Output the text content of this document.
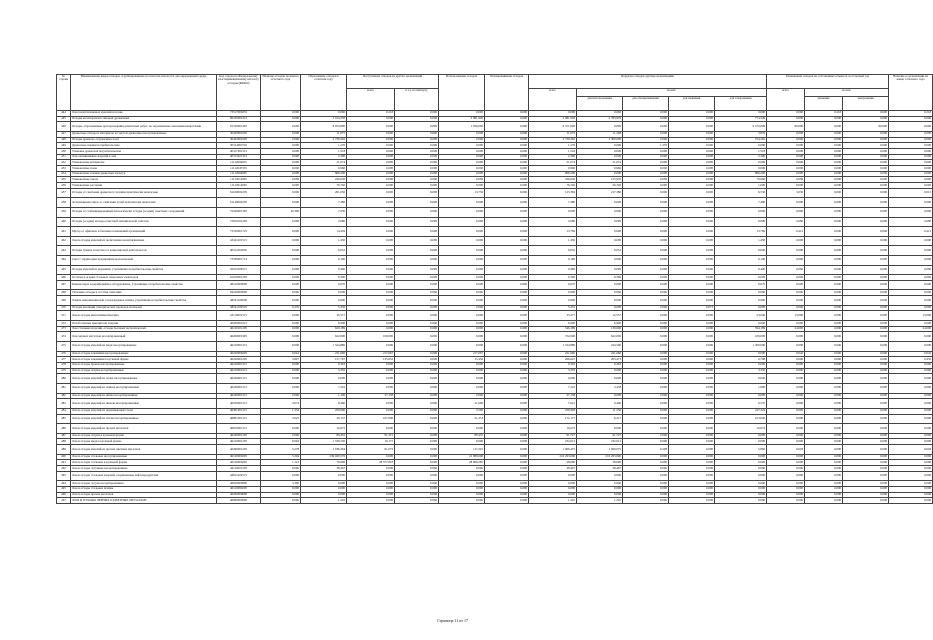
№ строки	Наименование видов отходов, сгруппированных по классам опасности для окружающей среды	Код отхода по Федеральному классификационному каталогу отходов (ФККО)	Наличие отходов на начало отчетного года	Образование отходов в отчетном году	Поступление отходов из других организаций		Использование отходов	Обезвреживание отходов	Передача отходов другим организациям					Размещение отходов на собственных объектах за отчетный год			Наличие в организации на конец отчетного года	
					всего	в т.ч. по импорту			всего	из них:				всего	из них:			
										для использования	для обезвреживания	для хранения	для захоронения		хранение	захоронение		
444	Лом полиэтиленовых изделий в шлаке	73517000255	0,000	0,060	0,218	0,000	0,000	0,000	0,000	0,060	0,000	0,000	0,000	0,060	0,218	0,000	0,218	
445	Отходы из материалов типовой дрожжевых	90230001215	0,000	2 164,258	0,000	0,000	2 081,920	0,000	2 081,920	2 783,976	0,000	0,000	774,549	0,000	0,000	0,000	0,000	
446	Отходы, образованные при проведении ремонтных работ, не загрязненные опасными веществами	81310001495	0,000	9 653,800	0,000	0,000	1 050,000	0,000	9 571,000	0,000	0,000	0,000	9 572,000	80,000	0,000	80,000	0,000	
447	Древесные отходы и материалы из чистой древесины несортированные	30420001005	0,000	11,075	0,000	0,000	0,000	0,000	11,075	11,208	0,000	0,000	3,876	0,000	0,000	0,000	0,000	
448	Отходы древесно-стружечных плит	30423002205	0,000	2 730,262	0,000	0,000	0,000	0,000	2 730,262	2 300,000	0,000	0,000	724,262	0,000	0,000	0,000	0,000	
449	Древесные пленки потребительские	30314002745	0,000	1,270	0,000	0,000	0,000	0,000	1,270	0,000	1,270	0,000	0,000	0,000	0,000	0,000	0,000	
450	Упаковка древесная потребительская	40317991515	0,000	1,518	0,000	0,000	0,000	0,000	1,518	0,000	0,000	0,000	1,518	0,000	0,000	0,000	0,000	
451	Лом алюминиевых изделий в лом	40313021315	0,000	2,300	0,000	0,000	0,000	0,000	2,300	0,000	0,000	0,000	2,300	0,000	0,000	0,000	0,000	
452	Упаковочные материалы	11112004955	0,000	21,074	0,000	0,000	0,000	0,000	21,074	21,074	0,000	0,000	0,000	0,000	0,000	0,000	0,000	
453	Упаковочные полы	11112047335	0,000	0,960	0,000	0,000	0,000	0,000	0,960	0,960	0,000	0,000	0,000	0,000	0,000	0,000	0,000	
454	Упаковочные пленки древесных культур	11112004695	0,000	806,290	0,000	0,000	0,000	0,000	806,290	0,000	0,000	0,000	806,290	0,000	0,000	0,000	0,000	
455	Упаковочные смеси	11112014695	0,000	226,630	0,000	0,000	0,000	0,000	226,630	155,970	0,000	0,000	70,660	0,000	0,000	0,000	0,000	
456	Упаковочные растения	11112914695	0,000	76,740	0,000	0,000	0,000	0,000	76,740	26,740	0,000	0,000	1,000	0,000	0,000	0,000	0,000	
457	Отходы от сжигания древесного топлива практически неопасные	61100002205	0,000	201,036	0,000	0,000	13,756	0,000	123,384	217,380	0,000	0,000	6,530	3,030	0,000	0,000	0,012	
458	Золошлаковая смесь от сжигания углей практически неопасная	61140002205	0,000	7,480	0,000	0,000	0,000	0,000	7,480	0,000	0,000	0,000	7,480	0,000	0,000	0,000	0,000	
459	Отходы от стабилизированный биологически отходы (осадки) очистных сооружений	72220001395	40,300	7,630	0,000	0,000	0,000	0,000	0,000	0,000	0,000	0,000	0,000	0,000	0,000	0,000	0,000	
460	Отходы (осадки) из водо-очистной механической очистки	73910101205	0,000	2,680	0,000	0,000	0,000	0,000	2,680	0,000	0,000	0,000	0,000	2,680	0,000	0,000	2,680	
461	Мусор от офисных и бытовых помещений организаций	73310001725	0,000	14,459	0,000	0,000	0,000	0,000	13,769	0,000	0,000	0,000	13,769	0,412	0,000	0,000	0,412	
462	Лом и отходы изделий из полиэтилена незагрязненные	43411201515	0,000	1,450	0,000	0,000	0,000	0,000	1,450	0,000	0,000	0,000	1,450	0,000	0,000	0,000	0,000	
463	Отходы бумаги и картона от канцелярской деятельности	40512202605	0,000	0,052	0,000	0,000	0,000	0,000	0,052	0,052	0,000	0,000	0,000	0,000	0,000	0,000	0,000	
464	Смет с территории предприятия малоопасный	73339001714	0,000	0,190	0,000	0,000	0,000	0,000	0,190	0,000	0,000	0,000	0,190	0,000	0,000	0,000	0,000	
465	Отходы изделий из керамики, утративших потребительские свойства	45911000515	0,000	0,460	0,000	0,000	0,000	0,000	0,460	0,000	0,000	0,000	0,400	0,060	0,000	0,000	0,060	
466	Остатки и огарки стальных сварочных электродов	91910001205	0,000	0,300	0,000	0,000	0,000	0,000	0,300	0,300	0,000	0,000	0,000	0,000	0,000	0,000	0,000	
467	Компьютеры и периферийное оборудование, утратившие потребительские свойства	48120000000	0,000	0,070	0,000	0,000	0,000	0,000	0,070	0,000	0,000	0,000	0,070	0,000	0,000	0,000	0,000	
468	Табачные отходы и остатки сжигания	94100000000	0,000	0,000	0,000	0,000	0,000	0,000	0,000	0,000	0,000	0,000	0,000	0,000	0,000	0,000	0,000	
469	Лампы накаливания или газоразрядные лампы, утратившие потребительские свойства	48241100000	0,000	0,600	0,000	0,000	0,000	0,000	0,600	0,000	0,000	0,000	0,600	0,000	0,000	0,000	0,000	
470	Отходы изоляции электрических проводов и кабелей	48241100525	0,270	5,436	0,000	0,000	0,000	0,000	5,431	0,000	0,000	0,073	0,000	0,000	0,000	0,000	0,000	
471	Лом и отходы шин пневматических	43110001515	0,000	35,577	0,000	0,000	0,000	0,000	35,577	12,557	0,000	0,000	23,040	15,000	0,000	0,000	15,000	
472	Отработанные накопители энергии	46200002215	0,000	6,900	0,000	0,000	0,000	0,000	6,900	6,900	0,000	0,000	0,000	0,000	0,000	0,000	0,000	
473	Лом стальных изделий, отходы бытовых металлических	46120101205	0,000	620,189	0,000	0,000	0,000	0,000	546,189	130,000	0,000	0,000	594,189	24,000	0,000	0,000	24,000	
474	Лом черных металлов несортированный	46200001995	0,000	622,000	100,000	0,000	0,000	0,000	722,000	622,000	0,000	0,000	100,000	0,000	0,000	0,000	0,000	
475	Лом и отходы изделий из меди несортированные	46210001215	0,000	1 524,880	0,000	0,000	0,000	0,000	1 524,880	224,590	0,000	0,000	1 300,090	0,000	0,000	0,000	0,000	
476	Лом и отходы алюминия несортированные	46220006205	0,042	221,660	217,667	0,000	217,667	0,000	221,660	221,660	0,000	0,000	0,000	0,042	0,000	0,000	0,042	
477	Лом и отходы алюминия в кусковой форме	46220001205	3,897	157,797	135,652	0,000	15,456	0,000	266,647	203,473	0,000	0,000	0,798	0,000	0,000	0,000	0,452	
478	Лом и отходы бронзы несортированные	46210001215	0,000	0,363	0,000	0,000	0,000	0,000	0,363	0,363	0,000	0,000	0,000	0,000	0,000	0,000	0,000	
479	Лом и отходы латуни несортированные	46210002215	0,000	3,335	0,000	0,000	0,000	0,000	3,335	0,000	0,000	0,000	3,335	0,000	0,000	0,000	0,000	
480	Лом и отходы изделий из олова несортированные	46220001215	0,000	0,000	0,000	0,000	0,000	0,000	0,000	0,000	0,000	0,000	0,000	0,000	0,000	0,000	0,000	
481	Лом и отходы изделий из свинца несортированные	46230001215	0,000	7,216	0,000	0,000	0,000	0,000	7,216	5,458	0,000	0,000	1,680	0,000	0,000	0,000	0,000	
482	Лом и отходы изделий из цинка несортированные	46240001215	0,000	1,100	27,138	0,000	0,000	0,000	27,138	0,000	0,000	0,000	0,000	0,000	0,000	0,000	0,000	
483	Лом и отходы изделий из никеля несортированные	46250001215	4,074	8,460	0,000	0,000	21,600	0,000	7,641	0,406	0,000	0,000	0,537	0,000	0,000	0,000	0,000	
484	Лом и отходы изделий из нержавеющей стали	46301001215	1,534	250,900	0,000	0,000	3,500	0,000	250,928	11,236	0,000	0,000	227,324	0,000	0,000	0,000	0,000	
485	Лом и отходы изделий из титана несортированные	46801001215	3,025	20,137	167,000	0,000	21,253	0,000	172,177	6,317	0,000	0,000	163,000	0,000	0,000	0,000	0,000	
486	Лом и отходы изделий из прочих металлов	46810001215	0,000	16,672	0,000	0,000	0,000	0,000	16,672	0,000	0,000	0,000	16,672	0,000	0,000	0,000	0,000	
487	Лом и отходы латуни в кусковой форме	46240001205	0,000	80,455	91,315	0,000	80,455	0,000	91,727	91,727	0,000	0,000	0,000	0,000	0,000	0,000	0,000	
488	Лом и отходы меди в кусковой форме	46210001205	0,094	1 539,530	10,177	0,000	0,000	0,000	232,012	232,012	0,000	0,000	0,000	0,000	0,000	0,000	0,000	
489	Лом и отходы изделий из прочих цветных металлов	46290001205	3,278	1 186,364	91,075	0,000	117,291	0,000	1 066,475	1 069,075	0,208	0,000	5,860	0,093	0,000	0,000	0,093	
490	Лом и отходы стальные несортированные	46120000205	5,304	239 020,576	0,000	0,000	21 980,000	0,000	216 293,000	216 293,000	0,000	0,000	0,000	0,000	0,000	0,000	0,000	
491	Лом и отходы стальные в кусковой форме	46120009205	1,123	76,806	28 577,818	0,000	28 906,285	0,000	58,690	58,690	0,000	0,000	0,000	0,000	0,000	0,000	0,000	
492	Лом и отходы чугунные несортированные	46110001205	0,000	38,467	0,000	0,000	0,000	0,000	38,467	38,467	0,000	0,000	0,000	0,000	0,000	0,000	0,000	
493	Лом и отходы стальных изделий, загрязненные нефтепродуктами	46811202515	0,000	0,000	0,000	0,000	0,000	0,000	0,000	0,000	0,000	0,000	0,000	0,000	0,000	0,000	0,000	
494	Лом и отходы чугуна несортированные	46810000000	3,300	0,000	0,000	0,000	0,000	0,000	0,000	0,000	0,000	0,000	0,000	0,000	0,000	0,000	0,000	
495	Лом и отходы стальные шламы	46120099205	0,000	0,000	0,000	0,000	0,000	0,000	0,000	0,000	0,000	0,000	0,000	0,000	0,000	0,000	0,000	
496	Лом и отходы прочих металлов	46200000000	0,000	0,000	0,000	0,000	0,000	0,000	0,000	0,000	0,000	0,000	0,000	0,000	0,000	0,000	0,000	
497	ЛОМ И ОТХОДЫ ЧЕРНЫХ И ЦВЕТНЫХ МЕТАЛЛОВ	46000000000	0,000	1,245	0,000	0,000	0,000	0,000	1,245	1,245	0,000	0,000	0,000	0,000	0,000	0,000	0,000	
Страница 11 из 17
